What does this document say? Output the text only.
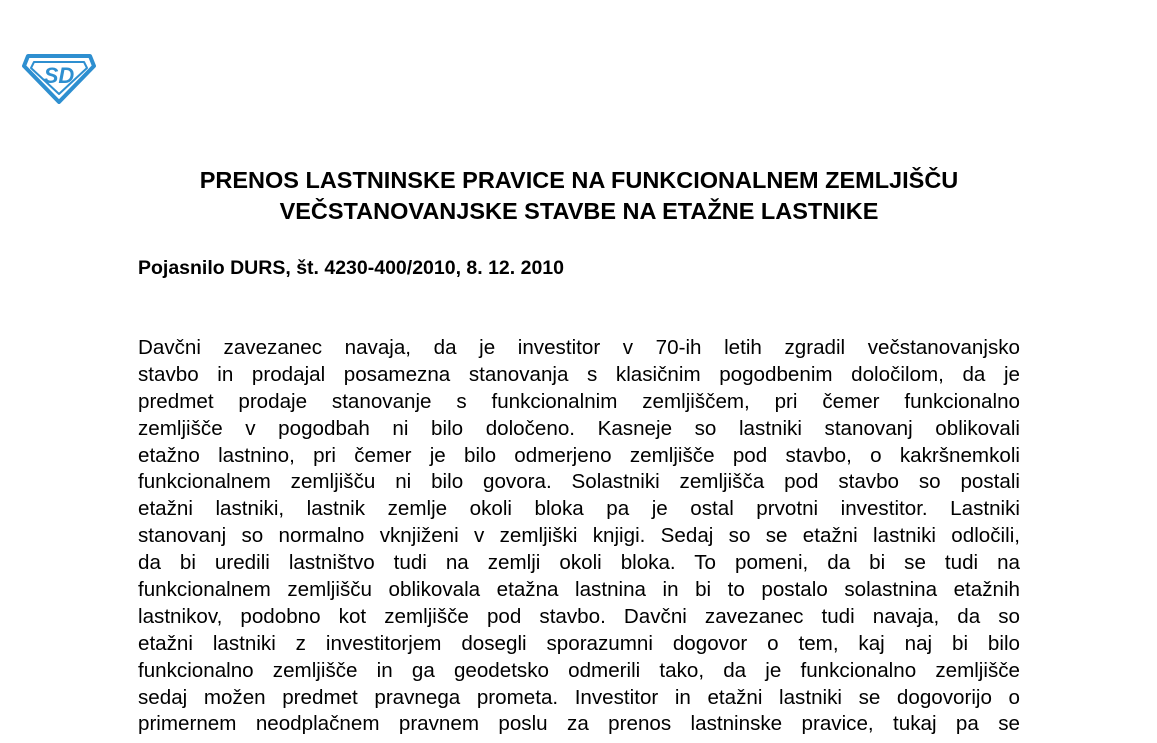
SD
PRENOS LASTNINSKE PRAVICE NA FUNKCIONALNEM ZEMLJIŠČU
VEČSTANOVANJSKE STAVBE NA ETAŽNE LASTNIKE

Pojasnilo DURS, št. 4230-400/2010, 8. 12. 2010

Davčni zavezanec navaja, da je investitor v 70-ih letih zgradil večstanovanjsko
stavbo in prodajal posamezna stanovanja s klasičnim pogodbenim določilom, da je
predmet prodaje stanovanje s funkcionalnim zemljiščem, pri čemer funkcionalno
zemljišče v pogodbah ni bilo določeno. Kasneje so lastniki stanovanj oblikovali
etažno lastnino, pri čemer je bilo odmerjeno zemljišče pod stavbo, o kakršnemkoli
funkcionalnem zemljišču ni bilo govora. Solastniki zemljišča pod stavbo so postali
etažni lastniki, lastnik zemlje okoli bloka pa je ostal prvotni investitor. Lastniki
stanovanj so normalno vknjiženi v zemljiški knjigi. Sedaj so se etažni lastniki odločili,
da bi uredili lastništvo tudi na zemlji okoli bloka. To pomeni, da bi se tudi na
funkcionalnem zemljišču oblikovala etažna lastnina in bi to postalo solastnina etažnih
lastnikov, podobno kot zemljišče pod stavbo. Davčni zavezanec tudi navaja, da so
etažni lastniki z investitorjem dosegli sporazumni dogovor o tem, kaj naj bi bilo
funkcionalno zemljišče in ga geodetsko odmerili tako, da je funkcionalno zemljišče
sedaj možen predmet pravnega prometa. Investitor in etažni lastniki se dogovorijo o
primernem neodplačnem pravnem poslu za prenos lastninske pravice, tukaj pa se
